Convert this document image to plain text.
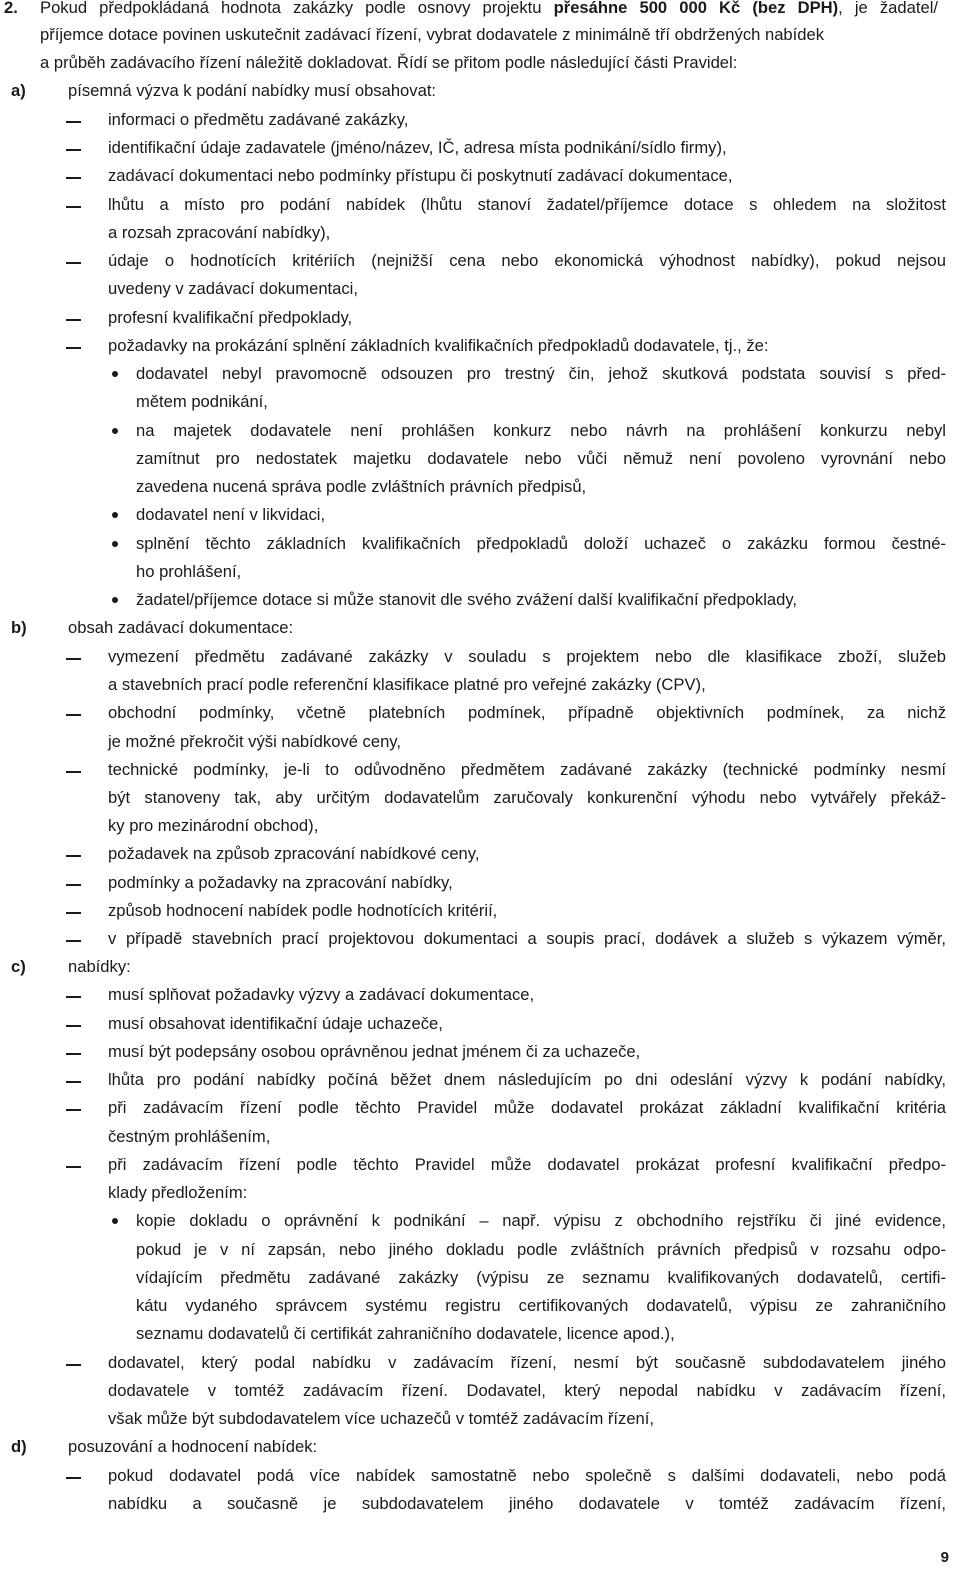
2. Pokud předpokládaná hodnota zakázky podle osnovy projektu přesáhne 500 000 Kč (bez DPH), je žadatel/
příjemce dotace povinen uskutečnit zadávací řízení, vybrat dodavatele z minimálně tří obdržených nabídek
a průběh zadávacího řízení náležitě dokladovat. Řídí se přitom podle následující části Pravidel:
a)	písemná výzva k podání nabídky musí obsahovat:
informaci o předmětu zadávané zakázky,
identifikační údaje zadavatele (jméno/název, IČ, adresa místa podnikání/sídlo firmy),
zadávací dokumentaci nebo podmínky přístupu či poskytnutí zadávací dokumentace,
lhůtu a místo pro podání nabídek (lhůtu stanoví žadatel/příjemce dotace s ohledem na složitost
a rozsah zpracování nabídky),
údaje o hodnotících kritériích (nejnižší cena nebo ekonomická výhodnost nabídky), pokud nejsou
uvedeny v zadávací dokumentaci,
profesní kvalifikační předpoklady,
požadavky na prokázání splnění základních kvalifikačních předpokladů dodavatele, tj., že:
dodavatel nebyl pravomocně odsouzen pro trestný čin, jehož skutková podstata souvisí s před-
mětem podnikání,
na majetek dodavatele není prohlášen konkurz nebo návrh na prohlášení konkurzu nebyl
zamítnut pro nedostatek majetku dodavatele nebo vůči němuž není povoleno vyrovnání nebo
zavedena nucená správa podle zvláštních právních předpisů,
dodavatel není v likvidaci,
splnění těchto základních kvalifikačních předpokladů doloží uchazeč o zakázku formou čestné-
ho prohlášení,
žadatel/příjemce dotace si může stanovit dle svého zvážení další kvalifikační předpoklady,
b) obsah zadávací dokumentace:
vymezení předmětu zadávané zakázky v souladu s projektem nebo dle klasifikace zboží, služeb
a stavebních prací podle referenční klasifikace platné pro veřejné zakázky (CPV),
obchodní podmínky, včetně platebních podmínek, případně objektivních podmínek, za nichž
je možné překročit výši nabídkové ceny,
technické podmínky, je-li to odůvodněno předmětem zadávané zakázky (technické podmínky nesmí
být stanoveny tak, aby určitým dodavatelům zaručovaly konkurenční výhodu nebo vytvářely překáž-
ky pro mezinárodní obchod),
požadavek na způsob zpracování nabídkové ceny,
podmínky a požadavky na zpracování nabídky,
způsob hodnocení nabídek podle hodnotících kritérií,
v případě stavebních prací projektovou dokumentaci a soupis prací, dodávek a služeb s výkazem výměr,
c)	nabídky:
musí splňovat požadavky výzvy a zadávací dokumentace,
musí obsahovat identifikační údaje uchazeče,
musí být podepsány osobou oprávněnou jednat jménem či za uchazeče,
lhůta pro podání nabídky počíná běžet dnem následujícím po dni odeslání výzvy k podání nabídky,
při zadávacím řízení podle těchto Pravidel může dodavatel prokázat základní kvalifikační kritéria
čestným prohlášením,
při zadávacím řízení podle těchto Pravidel může dodavatel prokázat profesní kvalifikační předpo-
klady předložením:
kopie dokladu o oprávnění k podnikání – např. výpisu z obchodního rejstříku či jiné evidence,
pokud je v ní zapsán, nebo jiného dokladu podle zvláštních právních předpisů v rozsahu odpo-
vídajícím předmětu zadávané zakázky (výpisu ze seznamu kvalifikovaných dodavatelů, certifi-
kátu vydaného správcem systému registru certifikovaných dodavatelů, výpisu ze zahraničního
seznamu dodavatelů či certifikát zahraničního dodavatele, licence apod.),
dodavatel, který podal nabídku v zadávacím řízení, nesmí být současně subdodavatelem jiného
dodavatele v tomtéž zadávacím řízení. Dodavatel, který nepodal nabídku v zadávacím řízení,
však může být subdodavatelem více uchazečů v tomtéž zadávacím řízení,
d) posuzování a hodnocení nabídek:
pokud dodavatel podá více nabídek samostatně nebo společně s dalšími dodavateli, nebo podá
nabídku a současně je subdodavatelem jiného dodavatele v tomtéž zadávacím řízení,
9
